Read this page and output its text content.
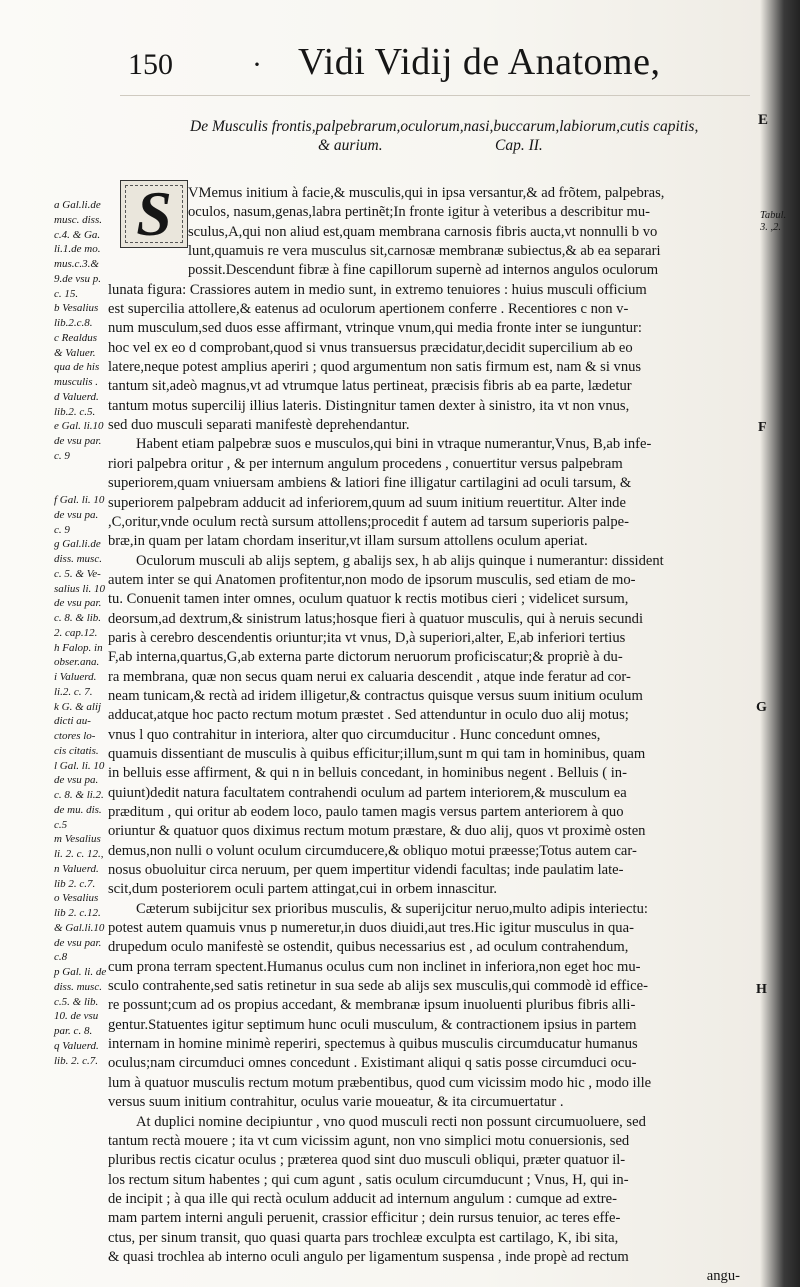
150	· Vidi Vidij de Anatome,
E
De Musculis frontis,palpebrarum,oculorum,nasi,buccarum,labiorum,cutis capitis,
& aurium.	Cap. II.
S	VMemus initium à facie,& musculis,qui in ipsa versantur,& ad frõtem, palpebras,
oculos, nasum,genas,labra pertinẽt;In fronte igitur à veteribus a describitur mu-
sculus,A,qui non aliud est,quam membrana carnosis fibris aucta,vt nonnulli b vo
lunt,quamuis re vera musculus sit,carnosæ membranæ subiectus,& ab ea separari
possit.Descendunt fibræ à fine capillorum supernè ad internos angulos oculorum
lunata figura: Crassiores autem in medio sunt, in extremo tenuiores : huius musculi officium
est supercilia attollere,& eatenus ad oculorum apertionem conferre . Recentiores c non v-
num musculum,sed duos esse affirmant, vtrinque vnum,qui media fronte inter se iunguntur:
hoc vel ex eo d comprobant,quod si vnus transuersus præcidatur,decidit supercilium ab eo
latere,neque potest amplius aperiri ; quod argumentum non satis firmum est, nam & si vnus
tantum sit,adeò magnus,vt ad vtrumque latus pertineat, præcisis fibris ab ea parte, lædetur
tantum motus supercilij illius lateris. Distingnitur tamen dexter à sinistro, ita vt non vnus,
sed duo musculi separati manifestè deprehendantur.
Habent etiam palpebræ suos e musculos,qui bini in vtraque numerantur,Vnus, B,ab infe-
riori palpebra oritur , & per internum angulum procedens , conuertitur versus palpebram
superiorem,quam vniuersam ambiens & latiori fine illigatur cartilagini ad oculi tarsum, &
superiorem palpebram adducit ad inferiorem,quum ad suum initium reuertitur. Alter inde
,C,oritur,vnde oculum rectà sursum attollens;procedit f autem ad tarsum superioris palpe-
bræ,in quam per latam chordam inseritur,vt illam sursum attollens oculum aperiat.
Oculorum musculi ab alijs septem, g abalijs sex, h ab alijs quinque i numerantur: dissident
autem inter se qui Anatomen profitentur,non modo de ipsorum musculis, sed etiam de mo-
tu. Conuenit tamen inter omnes, oculum quatuor k rectis motibus cieri ; videlicet sursum,
deorsum,ad dextrum,& sinistrum latus;hosque fieri à quatuor musculis, qui à neruis secundi
paris à cerebro descendentis oriuntur;ita vt vnus, D,à superiori,alter, E,ab inferiori tertius
F,ab interna,quartus,G,ab externa parte dictorum neruorum proficiscatur;& propriè à du-
ra membrana, quæ non secus quam nerui ex caluaria descendit , atque inde feratur ad cor-
neam tunicam,& rectà ad iridem illigetur,& contractus quisque versus suum initium oculum
adducat,atque hoc pacto rectum motum præstet . Sed attenduntur in oculo duo alij motus;
vnus l quo contrahitur in interiora, alter quo circumducitur . Hunc concedunt omnes,
quamuis dissentiant de musculis à quibus efficitur;illum,sunt m qui tam in hominibus, quam
in belluis esse affirment, & qui n in belluis concedant, in hominibus negent . Belluis ( in-
quiunt)dedit natura facultatem contrahendi oculum ad partem interiorem,& musculum ea
præditum , qui oritur ab eodem loco, paulo tamen magis versus partem anteriorem à quo
oriuntur & quatuor quos diximus rectum motum præstare, & duo alij, quos vt proximè osten
demus,non nulli o volunt oculum circumducere,& obliquo motui præesse;Totus autem car-
nosus obuoluitur circa neruum, per quem impertitur videndi facultas; inde paulatim late-
scit,dum posteriorem oculi partem attingat,cui in orbem innascitur.
Cæterum subijcitur sex prioribus musculis, & superijcitur neruo,multo adipis interiectu:
potest autem quamuis vnus p numeretur,in duos diuidi,aut tres.Hic igitur musculus in qua-
drupedum oculo manifestè se ostendit, quibus necessarius est , ad oculum contrahendum,
cum prona terram spectent.Humanus oculus cum non inclinet in inferiora,non eget hoc mu-
sculo contrahente,sed satis retinetur in sua sede ab alijs sex musculis,qui commodè id effice-
re possunt;cum ad os propius accedant, & membranæ ipsum inuoluenti pluribus fibris alli-
gentur.Statuentes igitur septimum hunc oculi musculum, & contractionem ipsius in partem
internam in homine minimè reperiri, spectemus à quibus musculis circumducatur humanus
oculus;nam circumduci omnes concedunt . Existimant aliqui q satis posse circumduci ocu-
lum à quatuor musculis rectum motum præbentibus, quod cum vicissim modo hic , modo ille
versus suum initium contrahitur, oculus varie moueatur, & ita circumuertatur .
At duplici nomine decipiuntur , vno quod musculi recti non possunt circumuoluere, sed
tantum rectà mouere ; ita vt cum vicissim agunt, non vno simplici motu conuersionis, sed
pluribus rectis cicatur oculus ; præterea quod sint duo musculi obliqui, præter quatuor il-
los rectum situm habentes ; qui cum agunt , satis oculum circumducunt ; Vnus, H, qui in-
de incipit ; à qua ille qui rectà oculum adducit ad internum angulum : cumque ad extre-
mam partem interni anguli peruenit, crassior efficitur ; dein rursus tenuior, ac teres effe-
ctus, per sinum transit, quo quasi quarta pars trochleæ exculpta est cartilago, K, ibi sita,
& quasi trochlea ab interno oculi angulo per ligamentum suspensa , inde propè ad rectum
angu-
a Gal.li.de
musc. diss.
c.4. & Ga.
li.1.de mo.
mus.c.3.&
9.de vsu p.
c. 15.
b Vesalius
lib.2.c.8.
c Realdus
& Valuer.
qua de his
musculis .
d Valuerd.
lib.2. c.5.
e Gal. li.10
de vsu par.
c. 9
f Gal. li. 10
de vsu pa.
c. 9
g Gal.li.de
diss. musc.
c. 5. & Ve-
salius li. 10
de vsu par.
c. 8. & lib.
2. cap.12.
h Falop. in
obser.ana.
i Valuerd.
li.2. c. 7.
k G. & alij
dicti au-
ctores lo-
cis citatis.
l Gal. li. 10
de vsu pa.
c. 8. & li.2.
de mu. dis.
c.5
m Vesalius
li. 2. c. 12.,
n Valuerd.
lib 2. c.7.
o Vesalius
lib 2. c.12.
& Gal.li.10
de vsu par.
c.8
p Gal. li. de
diss. musc.
c.5. & lib.
10. de vsu
par. c. 8.
q Valuerd.
lib. 2. c.7.
Tabul.
3. ,2.
F
G
H
